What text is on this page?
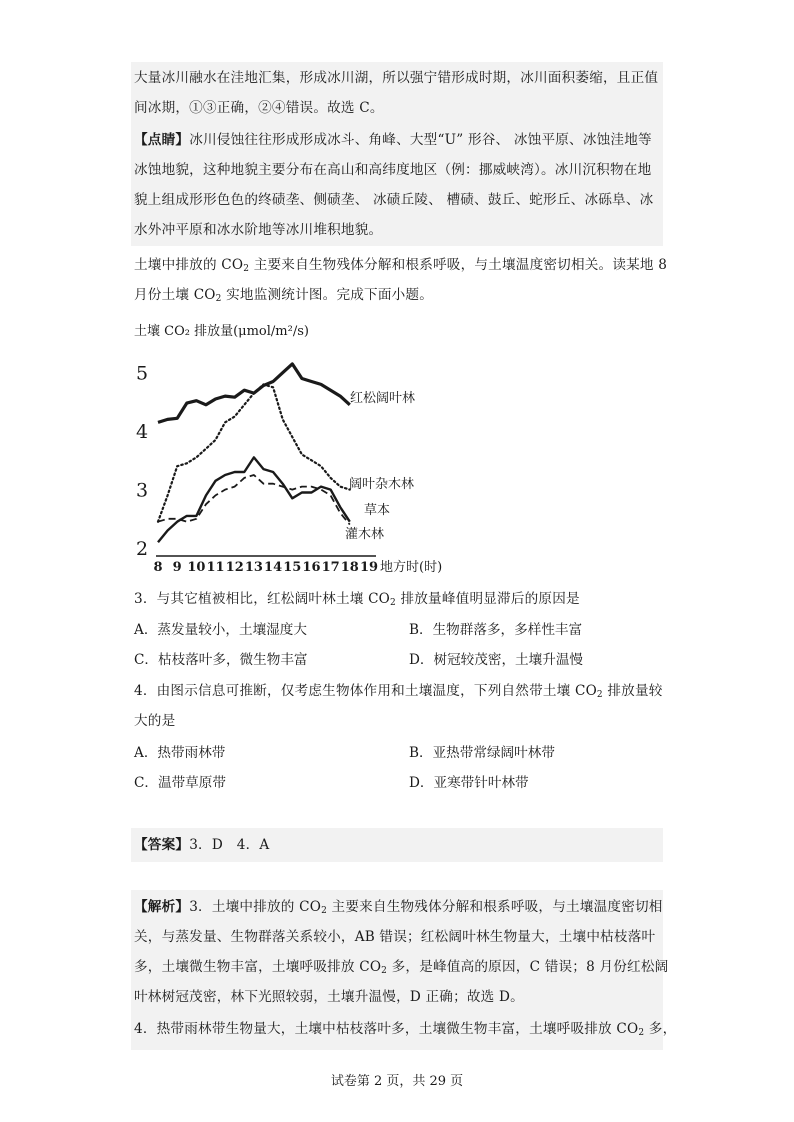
大量冰川融水在洼地汇集，形成冰川湖，所以强宁错形成时期，冰川面积萎缩，且正值
间冰期，①③正确，②④错误。故选 C。
【点睛】冰川侵蚀往往形成形成冰斗、角峰、大型“U” 形谷、 冰蚀平原、冰蚀洼地等
冰蚀地貌，这种地貌主要分布在高山和高纬度地区（例：挪威峡湾）。冰川沉积物在地
貌上组成形形色色的终碛垄、侧碛垄、 冰碛丘陵、 槽碛、鼓丘、蛇形丘、冰砾阜、冰
水外冲平原和冰水阶地等冰川堆积地貌。
土壤中排放的 $CO_2$ 主要来自生物残体分解和根系呼吸，与土壤温度密切相关。读某地 8
月份土壤 $CO_2$ 实地监测统计图。完成下面小题。
土壤 CO₂ 排放量(μmol/m²/s)
2
3
4
5
8 9 10 11 12 13 14 15 16 17 18 19 地方时(时)
红松阔叶林
阔叶杂木林
草本
灌木林
3．与其它植被相比，红松阔叶林土壤 $CO_2$ 排放量峰值明显滞后的原因是
A．蒸发量较小，土壤湿度大	B．生物群落多，多样性丰富
C．枯枝落叶多，微生物丰富	D．树冠较茂密，土壤升温慢
4．由图示信息可推断，仅考虑生物体作用和土壤温度，下列自然带土壤 $CO_2$ 排放量较
大的是
A．热带雨林带	B．亚热带常绿阔叶林带
C．温带草原带	D．亚寒带针叶林带
【答案】3．D　4．A
【解析】3．土壤中排放的 $CO_2$ 主要来自生物残体分解和根系呼吸，与土壤温度密切相
关，与蒸发量、生物群落关系较小，AB 错误；红松阔叶林生物量大，土壤中枯枝落叶
多，土壤微生物丰富，土壤呼吸排放 $CO_2$ 多，是峰值高的原因，C 错误；8 月份红松阔
叶林树冠茂密，林下光照较弱，土壤升温慢，D 正确；故选 D。
4．热带雨林带生物量大，土壤中枯枝落叶多，土壤微生物丰富，土壤呼吸排放 $CO_2$ 多，
试卷第 2 页，共 29 页
